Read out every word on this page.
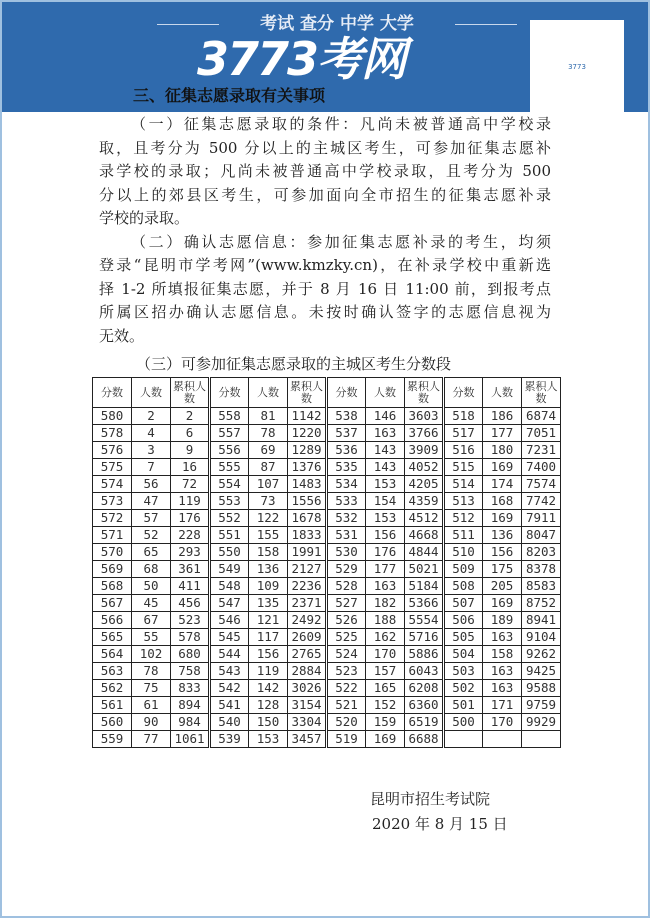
考试 查分 中学 大学
3773考网	3773
三、征集志愿录取有关事项
（一）征集志愿录取的条件：凡尚未被普通高中学校录
取，且考分为 500 分以上的主城区考生，可参加征集志愿补
录学校的录取；凡尚未被普通高中学校录取，且考分为 500
分以上的郊县区考生，可参加面向全市招生的征集志愿补录
学校的录取。
（二）确认志愿信息：参加征集志愿补录的考生，均须
登录“昆明市学考网”(www.kmzky.cn)，在补录学校中重新选
择 1-2 所填报征集志愿，并于 8 月 16 日 11:00 前，到报考点
所属区招办确认志愿信息。未按时确认签字的志愿信息视为
无效。
（三）可参加征集志愿录取的主城区考生分数段
分数	人数	累积人数	分数	人数	累积人数	分数	人数	累积人数	分数	人数	累积人数
580	2	2	558	81	1142	538	146	3603	518	186	6874
578	4	6	557	78	1220	537	163	3766	517	177	7051
576	3	9	556	69	1289	536	143	3909	516	180	7231
575	7	16	555	87	1376	535	143	4052	515	169	7400
574	56	72	554	107	1483	534	153	4205	514	174	7574
573	47	119	553	73	1556	533	154	4359	513	168	7742
572	57	176	552	122	1678	532	153	4512	512	169	7911
571	52	228	551	155	1833	531	156	4668	511	136	8047
570	65	293	550	158	1991	530	176	4844	510	156	8203
569	68	361	549	136	2127	529	177	5021	509	175	8378
568	50	411	548	109	2236	528	163	5184	508	205	8583
567	45	456	547	135	2371	527	182	5366	507	169	8752
566	67	523	546	121	2492	526	188	5554	506	189	8941
565	55	578	545	117	2609	525	162	5716	505	163	9104
564	102	680	544	156	2765	524	170	5886	504	158	9262
563	78	758	543	119	2884	523	157	6043	503	163	9425
562	75	833	542	142	3026	522	165	6208	502	163	9588
561	61	894	541	128	3154	521	152	6360	501	171	9759
560	90	984	540	150	3304	520	159	6519	500	170	9929
559	77	1061	539	153	3457	519	169	6688			
昆明市招生考试院
2020 年 8 月 15 日
